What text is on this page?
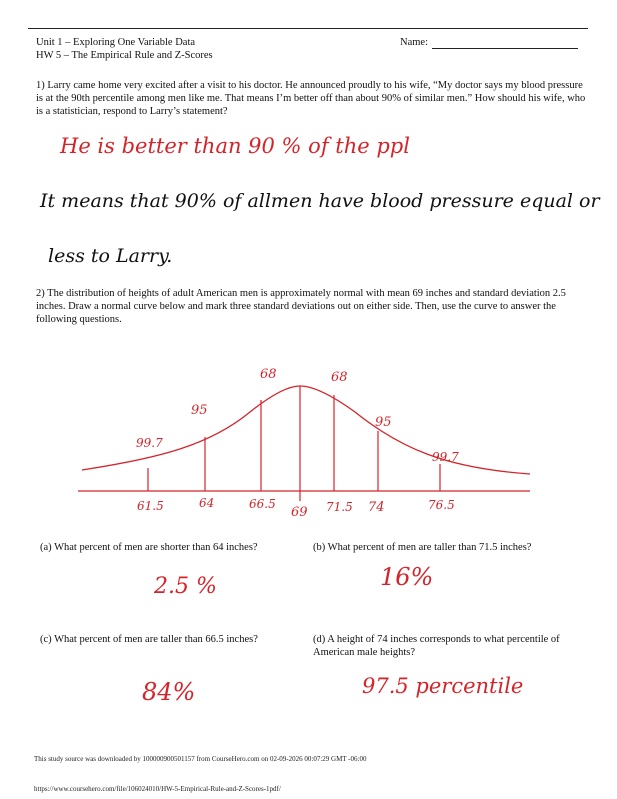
Unit 1 – Exploring One Variable Data
HW 5 – The Empirical Rule and Z-Scores
Name:
1) Larry came home very excited after a visit to his doctor. He announced proudly to his wife, “My doctor says my blood pressure is at the 90th percentile among men like me. That means I’m better off than about 90% of similar men.” How should his wife, who is a statistician, respond to Larry’s statement?
He is better than 90 % of the ppl
It means that 90% of allmen have blood pressure equal or
less to Larry.
2) The distribution of heights of adult American men is approximately normal with mean 69 inches and standard deviation 2.5 inches. Draw a normal curve below and mark three standard deviations out on either side. Then, use the curve to answer the following questions.
61.5	64	66.5
69 71.5 74	76.5
68	68
95
95
99.7
99.7
(a) What percent of men are shorter than 64 inches?	(b) What percent of men are taller than 71.5 inches?
2.5 %	16%
(c) What percent of men are taller than 66.5 inches?	(d) A height of 74 inches corresponds to what percentile of American male heights?
84%	97.5 percentile
This study source was downloaded by 100000900501157 from CourseHero.com on 02-09-2026 00:07:29 GMT -06:00
https://www.coursehero.com/file/106024010/HW-5-Empirical-Rule-and-Z-Scores-1pdf/
